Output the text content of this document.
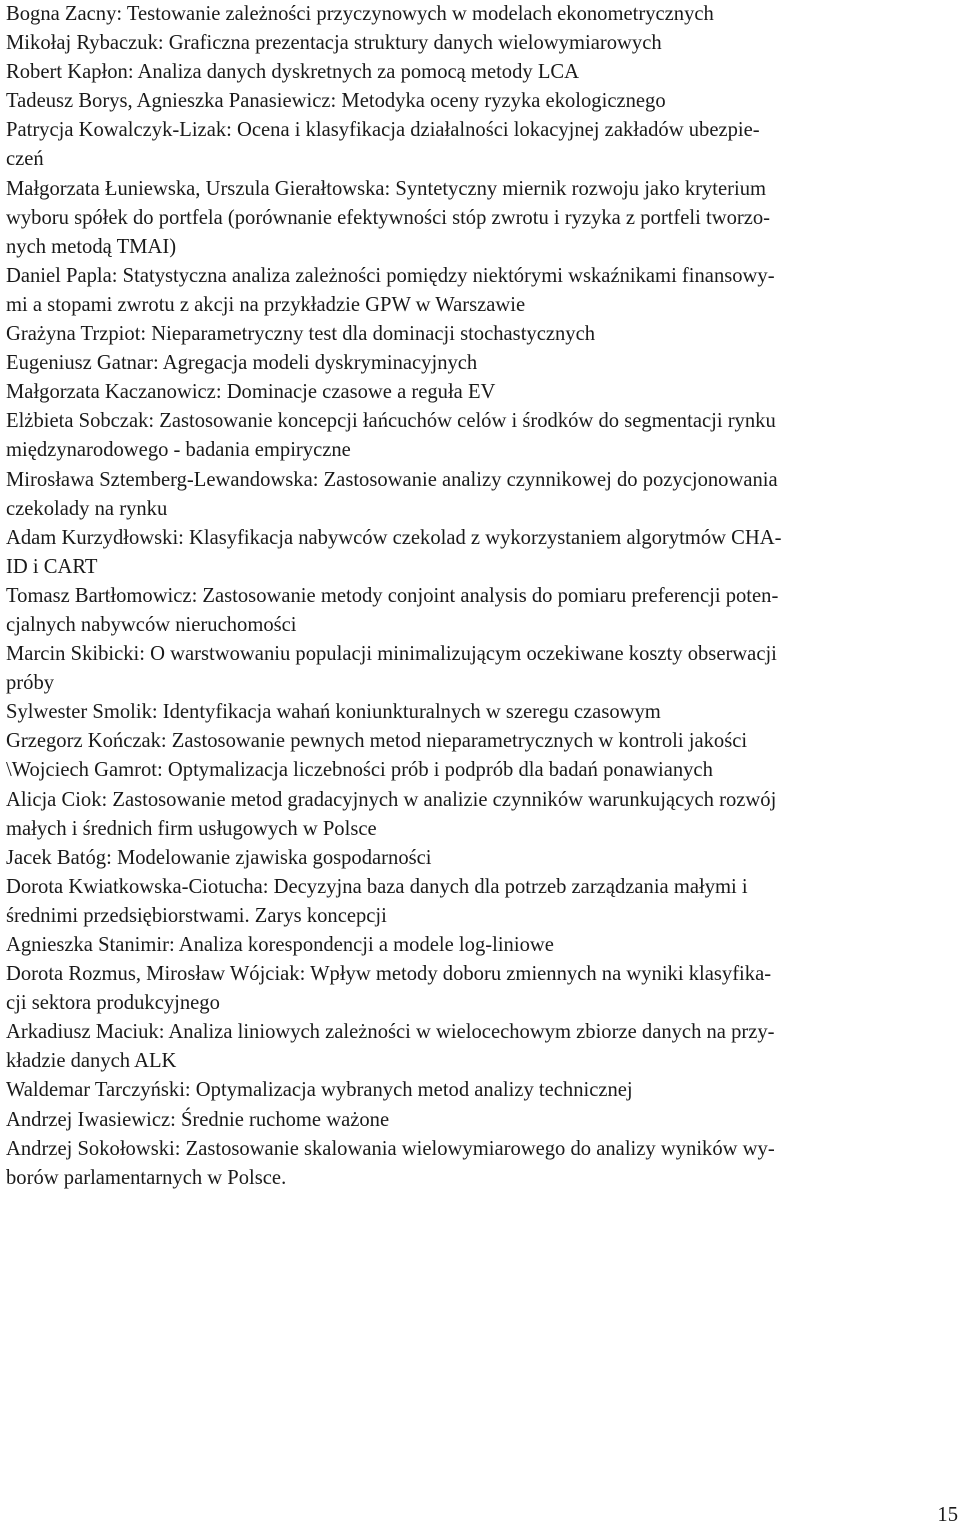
Bogna Zacny: Testowanie zależności przyczynowych w modelach ekonometrycznych
Mikołaj Rybaczuk: Graficzna prezentacja struktury danych wielowymiarowych
Robert Kapłon: Analiza danych dyskretnych za pomocą metody LCA
Tadeusz Borys, Agnieszka Panasiewicz: Metodyka oceny ryzyka ekologicznego
Patrycja Kowalczyk-Lizak: Ocena i klasyfikacja działalności lokacyjnej zakładów ubezpie-
czeń
Małgorzata Łuniewska, Urszula Gierałtowska: Syntetyczny miernik rozwoju jako kryterium
wyboru spółek do portfela (porównanie efektywności stóp zwrotu i ryzyka z portfeli tworzo-
nych metodą TMAI)
Daniel Papla: Statystyczna analiza zależności pomiędzy niektórymi wskaźnikami finansowy-
mi a stopami zwrotu z akcji na przykładzie GPW w Warszawie
Grażyna Trzpiot: Nieparametryczny test dla dominacji stochastycznych
Eugeniusz Gatnar: Agregacja modeli dyskryminacyjnych
Małgorzata Kaczanowicz: Dominacje czasowe a reguła EV
Elżbieta Sobczak: Zastosowanie koncepcji łańcuchów celów i środków do segmentacji rynku
międzynarodowego - badania empiryczne
Mirosława Sztemberg-Lewandowska: Zastosowanie analizy czynnikowej do pozycjonowania
czekolady na rynku
Adam Kurzydłowski: Klasyfikacja nabywców czekolad z wykorzystaniem algorytmów CHA-
ID i CART
Tomasz Bartłomowicz: Zastosowanie metody conjoint analysis do pomiaru preferencji poten-
cjalnych nabywców nieruchomości
Marcin Skibicki: O warstwowaniu populacji minimalizującym oczekiwane koszty obserwacji
próby
Sylwester Smolik: Identyfikacja wahań koniunkturalnych w szeregu czasowym
Grzegorz Kończak: Zastosowanie pewnych metod nieparametrycznych w kontroli jakości
\Wojciech Gamrot: Optymalizacja liczebności prób i podprób dla badań ponawianych
Alicja Ciok: Zastosowanie metod gradacyjnych w analizie czynników warunkujących rozwój
małych i średnich firm usługowych w Polsce
Jacek Batóg: Modelowanie zjawiska gospodarności
Dorota Kwiatkowska-Ciotucha: Decyzyjna baza danych dla potrzeb zarządzania małymi i
średnimi przedsiębiorstwami. Zarys koncepcji
Agnieszka Stanimir: Analiza korespondencji a modele log-liniowe
Dorota Rozmus, Mirosław Wójciak: Wpływ metody doboru zmiennych na wyniki klasyfika-
cji sektora produkcyjnego
Arkadiusz Maciuk: Analiza liniowych zależności w wielocechowym zbiorze danych na przy-
kładzie danych ALK
Waldemar Tarczyński: Optymalizacja wybranych metod analizy technicznej
Andrzej Iwasiewicz: Średnie ruchome ważone
Andrzej Sokołowski: Zastosowanie skalowania wielowymiarowego do analizy wyników wy-
borów parlamentarnych w Polsce.
15
